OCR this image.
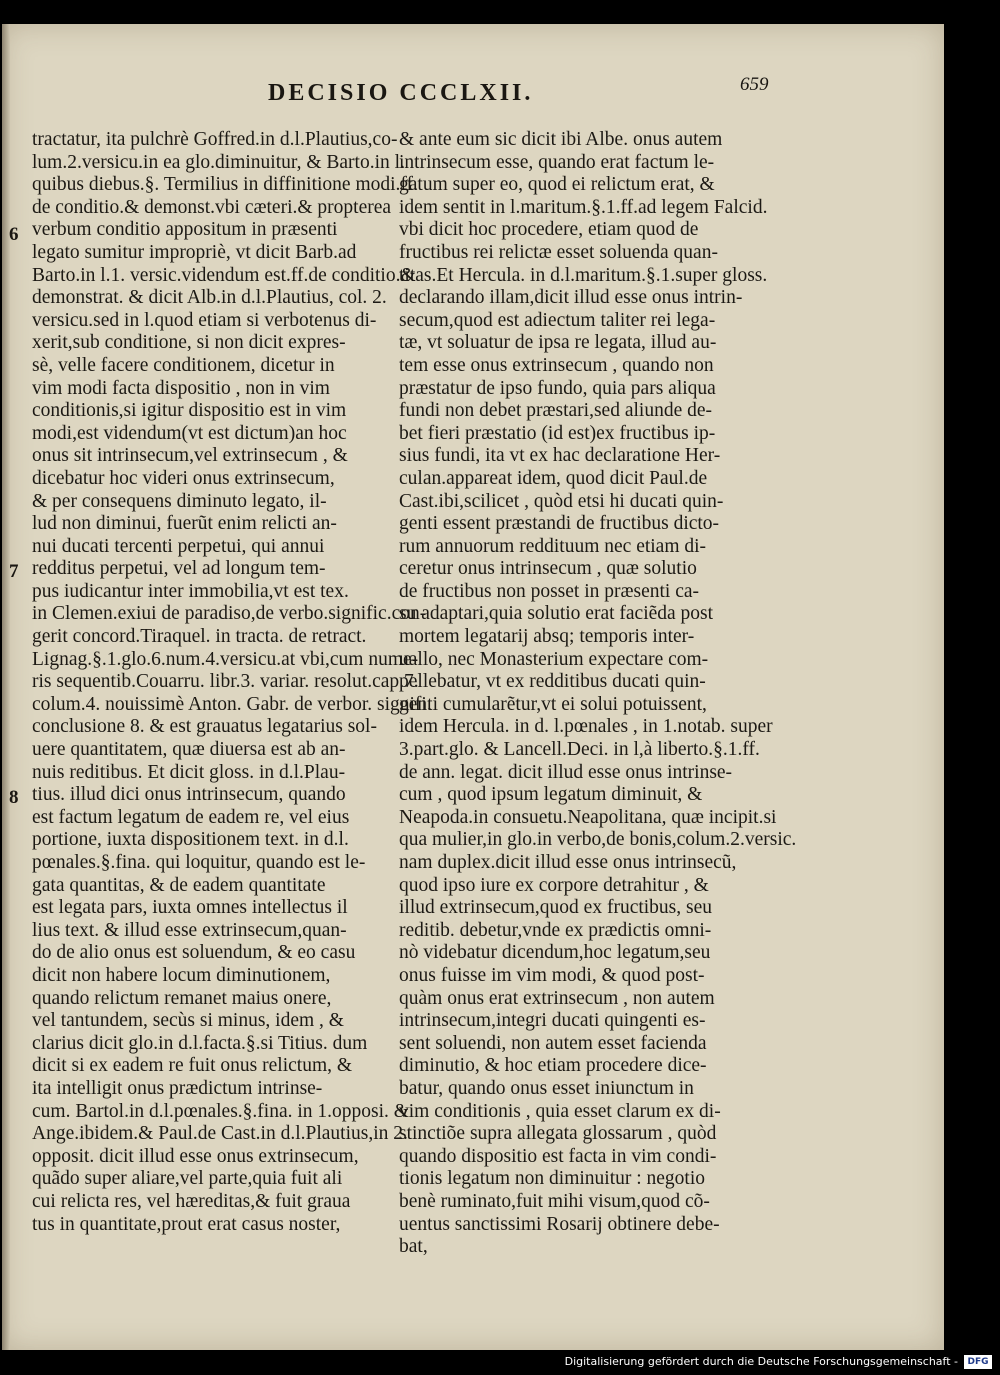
DECISIO CCCLXII.	659
tractatur, ita pulchrè Goffred.in d.l.Plautius,co-
lum.2.versicu.in ea glo.diminuitur, & Barto.in l.
quibus diebus.§. Termilius in diffinitione modi.ff.
de conditio.& demonst.vbi cæteri.& propterea
verbum conditio appositum in præsenti
legato sumitur impropriè, vt dicit Barb.ad
Barto.in l.1. versic.videndum est.ff.de conditio.&
demonstrat. & dicit Alb.in d.l.Plautius, col. 2.
versicu.sed in l.quod etiam si verbotenus di-
xerit,sub conditione, si non dicit expres-
sè, velle facere conditionem, dicetur in
vim modi facta dispositio , non in vim
conditionis,si igitur dispositio est in vim
modi,est videndum(vt est dictum)an hoc
onus sit intrinsecum,vel extrinsecum , &
dicebatur hoc videri onus extrinsecum,
& per consequens diminuto legato, il-
lud non diminui, fuerũt enim relicti an-
nui ducati tercenti perpetui, qui annui
redditus perpetui, vel ad longum tem-
pus iudicantur inter immobilia,vt est tex.
in Clemen.exiui de paradiso,de verbo.signific.con-
gerit concord.Tiraquel. in tracta. de retract.
Lignag.§.1.glo.6.num.4.versicu.at vbi,cum nume-
ris sequentib.Couarru. libr.3. variar. resolut.cap.7.
colum.4. nouissimè Anton. Gabr. de verbor. signifi.
conclusione 8. & est grauatus legatarius sol-
uere quantitatem, quæ diuersa est ab an-
nuis reditibus. Et dicit gloss. in d.l.Plau-
tius. illud dici onus intrinsecum, quando
est factum legatum de eadem re, vel eius
portione, iuxta dispositionem text. in d.l.
pœnales.§.fina. qui loquitur, quando est le-
gata quantitas, & de eadem quantitate
est legata pars, iuxta omnes intellectus il
lius text. & illud esse extrinsecum,quan-
do de alio onus est soluendum, & eo casu
dicit non habere locum diminutionem,
quando relictum remanet maius onere,
vel tantundem, secùs si minus, idem , &
clarius dicit glo.in d.l.facta.§.si Titius. dum
dicit si ex eadem re fuit onus relictum, &
ita intelligit onus prædictum intrinse-
cum. Bartol.in d.l.pœnales.§.fina. in 1.opposi. &
Ange.ibidem.& Paul.de Cast.in d.l.Plautius,in 2.
opposit. dicit illud esse onus extrinsecum,
quãdo super aliare,vel parte,quia fuit ali
cui relicta res, vel hæreditas,& fuit graua
tus in quantitate,prout erat casus noster,
& ante eum sic dicit ibi Albe. onus autem
intrinsecum esse, quando erat factum le-
gatum super eo, quod ei relictum erat, &
idem sentit in l.maritum.§.1.ff.ad legem Falcid.
vbi dicit hoc procedere, etiam quod de
fructibus rei relictæ esset soluenda quan-
titas.Et Hercula. in d.l.maritum.§.1.super gloss.
declarando illam,dicit illud esse onus intrin-
secum,quod est adiectum taliter rei lega-
tæ, vt soluatur de ipsa re legata, illud au-
tem esse onus extrinsecum , quando non
præstatur de ipso fundo, quia pars aliqua
fundi non debet præstari,sed aliunde de-
bet fieri præstatio (id est)ex fructibus ip-
sius fundi, ita vt ex hac declaratione Her-
culan.appareat idem, quod dicit Paul.de
Cast.ibi,scilicet , quòd etsi hi ducati quin-
genti essent præstandi de fructibus dicto-
rum annuorum reddituum nec etiam di-
ceretur onus intrinsecum , quæ solutio
de fructibus non posset in præsenti ca-
su adaptari,quia solutio erat faciẽda post
mortem legatarij absq; temporis inter-
uallo, nec Monasterium expectare com-
pellebatur, vt ex redditibus ducati quin-
genti cumularẽtur,vt ei solui potuissent,
idem Hercula. in d. l.pœnales , in 1.notab. super
3.part.glo. & Lancell.Deci. in l,à liberto.§.1.ff.
de ann. legat. dicit illud esse onus intrinse-
cum , quod ipsum legatum diminuit, &
Neapoda.in consuetu.Neapolitana, quæ incipit.si
qua mulier,in glo.in verbo,de bonis,colum.2.versic.
nam duplex.dicit illud esse onus intrinsecũ,
quod ipso iure ex corpore detrahitur , &
illud extrinsecum,quod ex fructibus, seu
reditib. debetur,vnde ex prædictis omni-
nò videbatur dicendum,hoc legatum,seu
onus fuisse im vim modi, & quod post-
quàm onus erat extrinsecum , non autem
intrinsecum,integri ducati quingenti es-
sent soluendi, non autem esset facienda
diminutio, & hoc etiam procedere dice-
batur, quando onus esset iniunctum in
vim conditionis , quia esset clarum ex di-
stinctiõe supra allegata glossarum , quòd
quando dispositio est facta in vim condi-
tionis legatum non diminuitur : negotio
benè ruminato,fuit mihi visum,quod cõ-
uentus sanctissimi Rosarij obtinere debe-
bat,
6
7
8
Digitalisierung gefördert durch die Deutsche Forschungsgemeinschaft -	DFG
